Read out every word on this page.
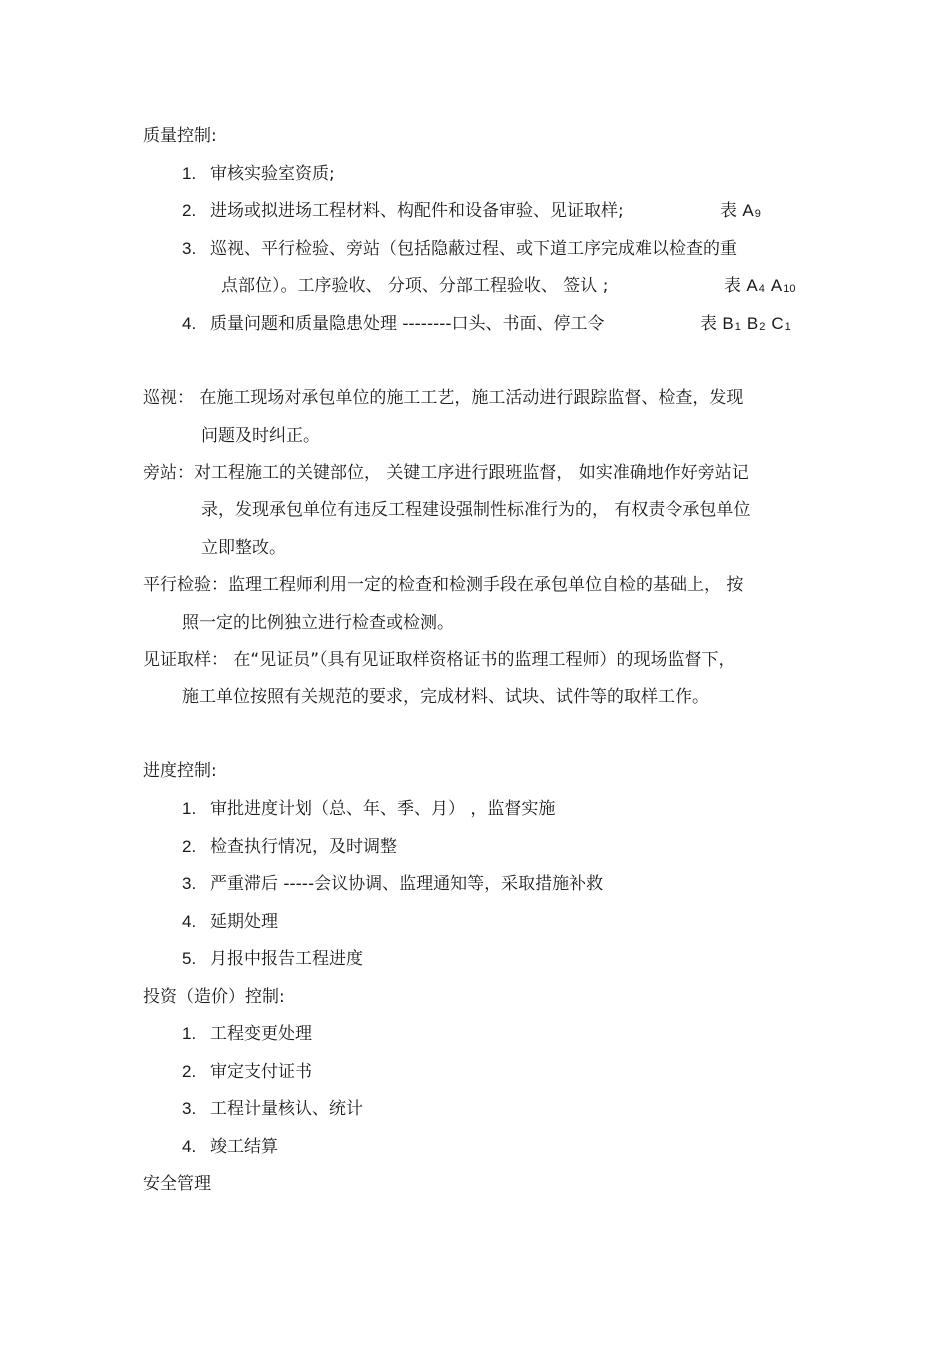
质量控制:
1. 审核实验室资质;
2. 进场或拟进场工程材料、构配件和设备审验、见证取样;	表 $A_9$
3. 巡视、平行检验、旁站（包括隐蔽过程、或下道工序完成难以检查的重
点部位）。工序验收、 分项、分部工程验收、 签认 ;	表 $A_4$ $A_{10}$
4. 质量问题和质量隐患处理 --------口头、书面、停工令	表 $B_1$ $B_2$ $C_1$
巡视： 在施工现场对承包单位的施工工艺，施工活动进行跟踪监督、检查，发现
问题及时纠正。
旁站：对工程施工的关键部位， 关键工序进行跟班监督， 如实准确地作好旁站记
录，发现承包单位有违反工程建设强制性标准行为的， 有权责令承包单位
立即整改。
平行检验：监理工程师利用一定的检查和检测手段在承包单位自检的基础上， 按
照一定的比例独立进行检查或检测。
见证取样： 在“见证员”（具有见证取样资格证书的监理工程师）的现场监督下，
施工单位按照有关规范的要求，完成材料、试块、试件等的取样工作。
进度控制:
1. 审批进度计划（总、年、季、月） ，监督实施
2. 检查执行情况，及时调整
3. 严重滞后 -----会议协调、监理通知等，采取措施补救
4. 延期处理
5. 月报中报告工程进度
投资（造价）控制:
1. 工程变更处理
2. 审定支付证书
3. 工程计量核认、统计
4. 竣工结算
安全管理
